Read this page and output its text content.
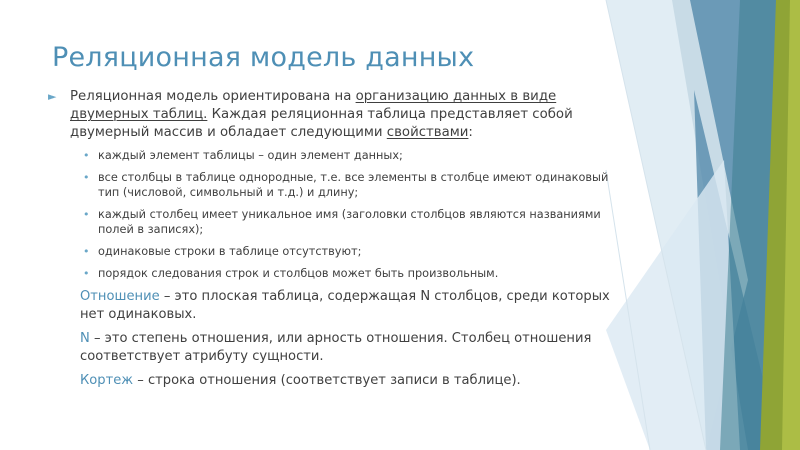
Реляционная модель данных
► Реляционная модель ориентирована на организацию данных в виде двумерных таблиц. Каждая реляционная таблица представляет собой двумерный массив и обладает следующими свойствами:
• каждый элемент таблицы – один элемент данных;
• все столбцы в таблице однородные, т.е. все элементы в столбце имеют одинаковый тип (числовой, символьный и т.д.) и длину;
• каждый столбец имеет уникальное имя (заголовки столбцов являются названиями полей в записях);
• одинаковые строки в таблице отсутствуют;
• порядок следования строк и столбцов может быть произвольным.
Отношение – это плоская таблица, содержащая N столбцов, среди которых нет одинаковых.
N – это степень отношения, или арность отношения. Столбец отношения соответствует атрибуту сущности.
Кортеж – строка отношения (соответствует записи в таблице).
